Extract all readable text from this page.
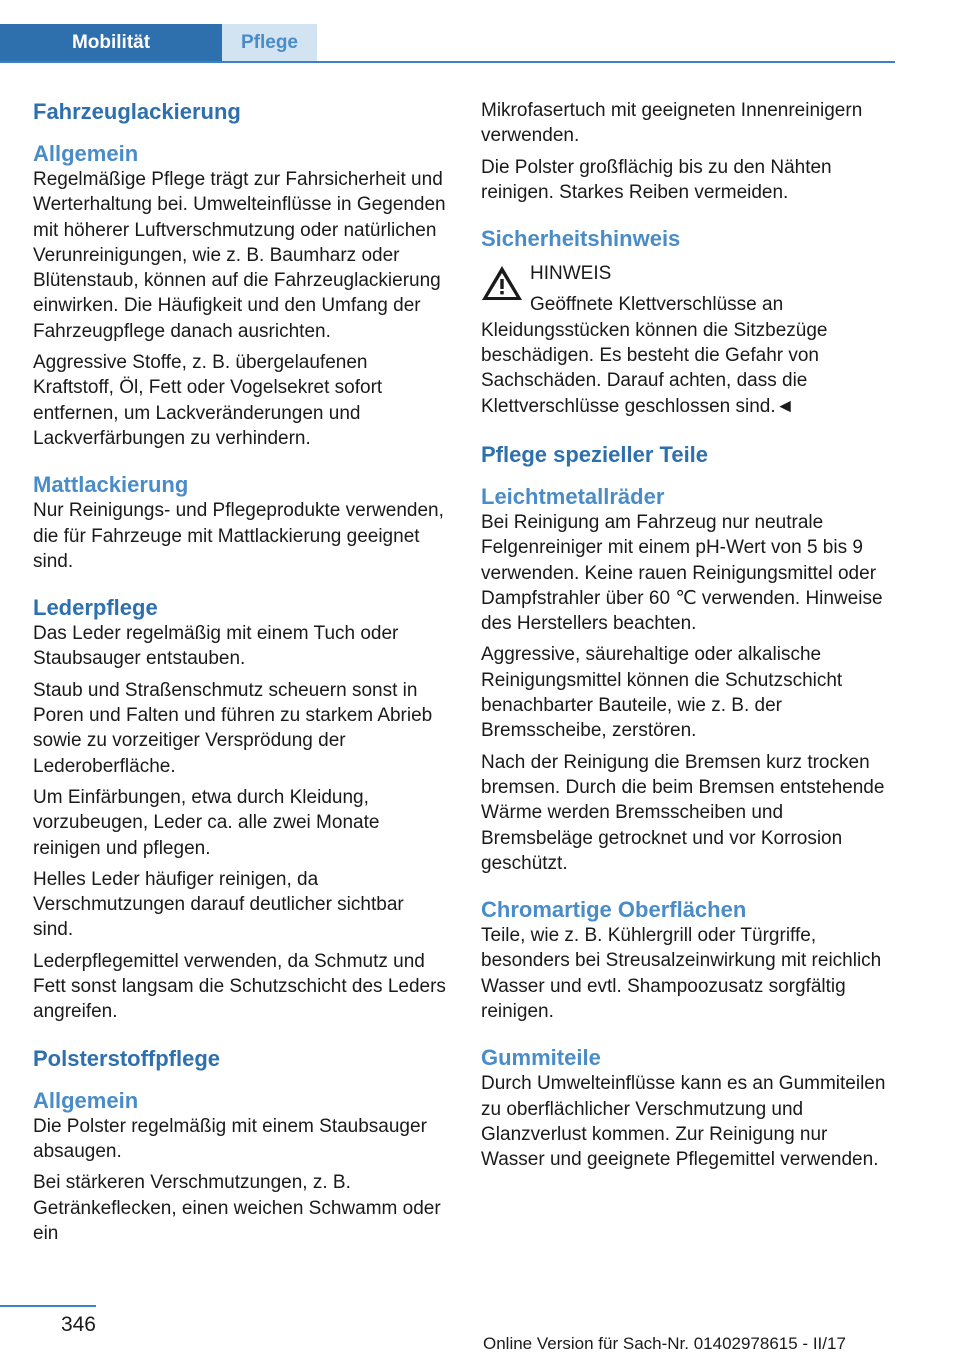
Mobilität	Pflege
Fahrzeuglackierung
Allgemein

Regelmäßige Pflege trägt zur Fahrsicherheit und Werterhaltung bei. Umwelteinflüsse in Gegenden mit höherer Luftverschmutzung oder natürlichen Verunreinigungen, wie z. B. Baumharz oder Blütenstaub, können auf die Fahrzeuglackierung einwirken. Die Häufigkeit und den Umfang der Fahrzeugpflege danach ausrichten.

Aggressive Stoffe, z. B. übergelaufenen Kraftstoff, Öl, Fett oder Vogelsekret sofort entfernen, um Lackveränderungen und Lackverfärbungen zu verhindern.

Mattlackierung

Nur Reinigungs- und Pflegeprodukte verwenden, die für Fahrzeuge mit Mattlackierung geeignet sind.

Lederpflege

Das Leder regelmäßig mit einem Tuch oder Staubsauger entstauben.

Staub und Straßenschmutz scheuern sonst in Poren und Falten und führen zu starkem Abrieb sowie zu vorzeitiger Versprödung der Lederoberfläche.

Um Einfärbungen, etwa durch Kleidung, vorzubeugen, Leder ca. alle zwei Monate reinigen und pflegen.

Helles Leder häufiger reinigen, da Verschmutzungen darauf deutlicher sichtbar sind.

Lederpflegemittel verwenden, da Schmutz und Fett sonst langsam die Schutzschicht des Leders angreifen.

Polsterstoffpflege
Allgemein

Die Polster regelmäßig mit einem Staubsauger absaugen.

Bei stärkeren Verschmutzungen, z. B. Getränkeflecken, einen weichen Schwamm oder ein

Mikrofasertuch mit geeigneten Innenreinigern verwenden.

Die Polster großflächig bis zu den Nähten reinigen. Starkes Reiben vermeiden.

Sicherheitshinweis

HINWEIS

Geöffnete Klettverschlüsse an Kleidungsstücken können die Sitzbezüge beschädigen. Es besteht die Gefahr von Sachschäden. Darauf achten, dass die Klettverschlüsse geschlossen sind.◄

Pflege spezieller Teile
Leichtmetallräder

Bei Reinigung am Fahrzeug nur neutrale Felgenreiniger mit einem pH-Wert von 5 bis 9 verwenden. Keine rauen Reinigungsmittel oder Dampfstrahler über 60 ℃ verwenden. Hinweise des Herstellers beachten.

Aggressive, säurehaltige oder alkalische Reinigungsmittel können die Schutzschicht benachbarter Bauteile, wie z. B. der Bremsscheibe, zerstören.

Nach der Reinigung die Bremsen kurz trocken bremsen. Durch die beim Bremsen entstehende Wärme werden Bremsscheiben und Bremsbeläge getrocknet und vor Korrosion geschützt.

Chromartige Oberflächen

Teile, wie z. B. Kühlergrill oder Türgriffe, besonders bei Streusalzeinwirkung mit reichlich Wasser und evtl. Shampoozusatz sorgfältig reinigen.

Gummiteile

Durch Umwelteinflüsse kann es an Gummiteilen zu oberflächlicher Verschmutzung und Glanzverlust kommen. Zur Reinigung nur Wasser und geeignete Pflegemittel verwenden.

346
Online Version für Sach-Nr. 01402978615 - II/17
